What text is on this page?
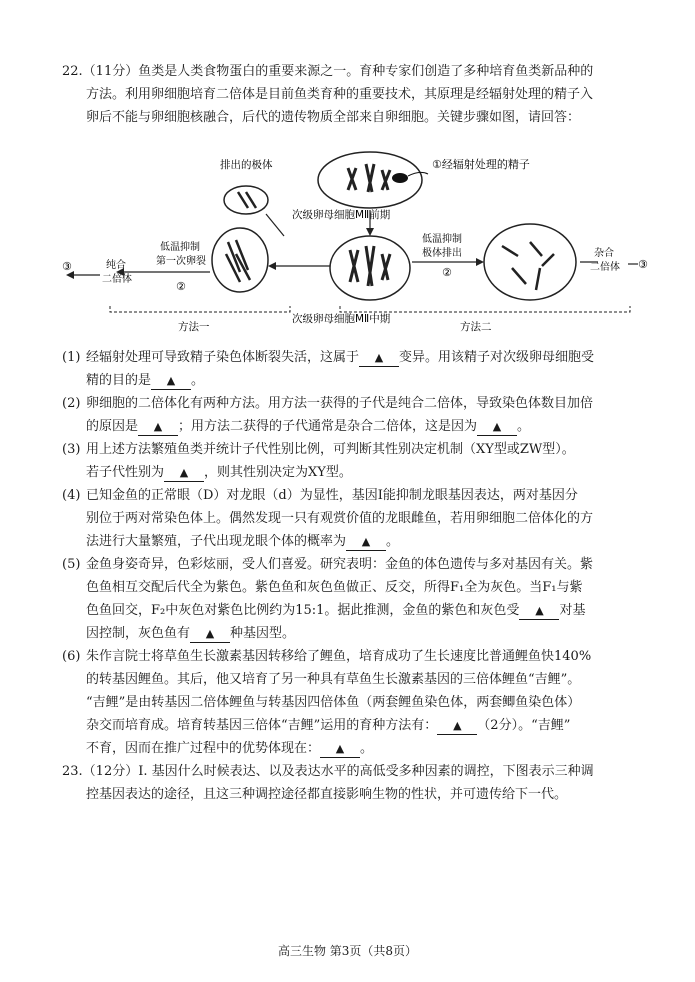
22.（11分）鱼类是人类食物蛋白的重要来源之一。育种专家们创造了多种培育鱼类新品种的
方法。利用卵细胞培育二倍体是目前鱼类育种的重要技术，其原理是经辐射处理的精子入
卵后不能与卵细胞核融合，后代的遗传物质全部来自卵细胞。关键步骤如图，请回答：
①经辐射处理的精子
次级卵母细胞MⅡ前期
次级卵母细胞MⅡ中期
排出的极体
低温抑制
第一次卵裂
②
纯合
二倍体
③
低温抑制
极体排出
②
杂合
二倍体 ③
方法一	方法二
(1) 经辐射处理可导致精子染色体断裂失活，这属于 ▲ 变异。用该精子对次级卵母细胞受
精的目的是 ▲ 。
(2) 卵细胞的二倍体化有两种方法。用方法一获得的子代是纯合二倍体，导致染色体数目加倍
的原因是 ▲ ；用方法二获得的子代通常是杂合二倍体，这是因为 ▲ 。
(3) 用上述方法繁殖鱼类并统计子代性别比例，可判断其性别决定机制（XY型或ZW型）。
若子代性别为 ▲ ，则其性别决定为XY型。
(4) 已知金鱼的正常眼（D）对龙眼（d）为显性，基因I能抑制龙眼基因表达，两对基因分
别位于两对常染色体上。偶然发现一只有观赏价值的龙眼雌鱼，若用卵细胞二倍体化的方
法进行大量繁殖，子代出现龙眼个体的概率为 ▲ 。
(5) 金鱼身姿奇异，色彩炫丽，受人们喜爱。研究表明：金鱼的体色遗传与多对基因有关。紫
色鱼相互交配后代全为紫色。紫色鱼和灰色鱼做正、反交，所得F₁全为灰色。当F₁与紫
色鱼回交，F₂中灰色对紫色比例约为15:1。据此推测，金鱼的紫色和灰色受 ▲ 对基
因控制，灰色鱼有 ▲ 种基因型。
(6) 朱作言院士将草鱼生长激素基因转移给了鲤鱼，培育成功了生长速度比普通鲤鱼快140%
的转基因鲤鱼。其后，他又培育了另一种具有草鱼生长激素基因的三倍体鲤鱼“吉鲤”。
“吉鲤”是由转基因二倍体鲤鱼与转基因四倍体鱼（两套鲤鱼染色体，两套鲫鱼染色体）
杂交而培育成。培育转基因三倍体“吉鲤”运用的育种方法有： ▲ （2分）。“吉鲤”
不育，因而在推广过程中的优势体现在： ▲ 。
23.（12分）Ⅰ. 基因什么时候表达、以及表达水平的高低受多种因素的调控，下图表示三种调
控基因表达的途径，且这三种调控途径都直接影响生物的性状，并可遗传给下一代。
高三生物 第3页（共8页）
